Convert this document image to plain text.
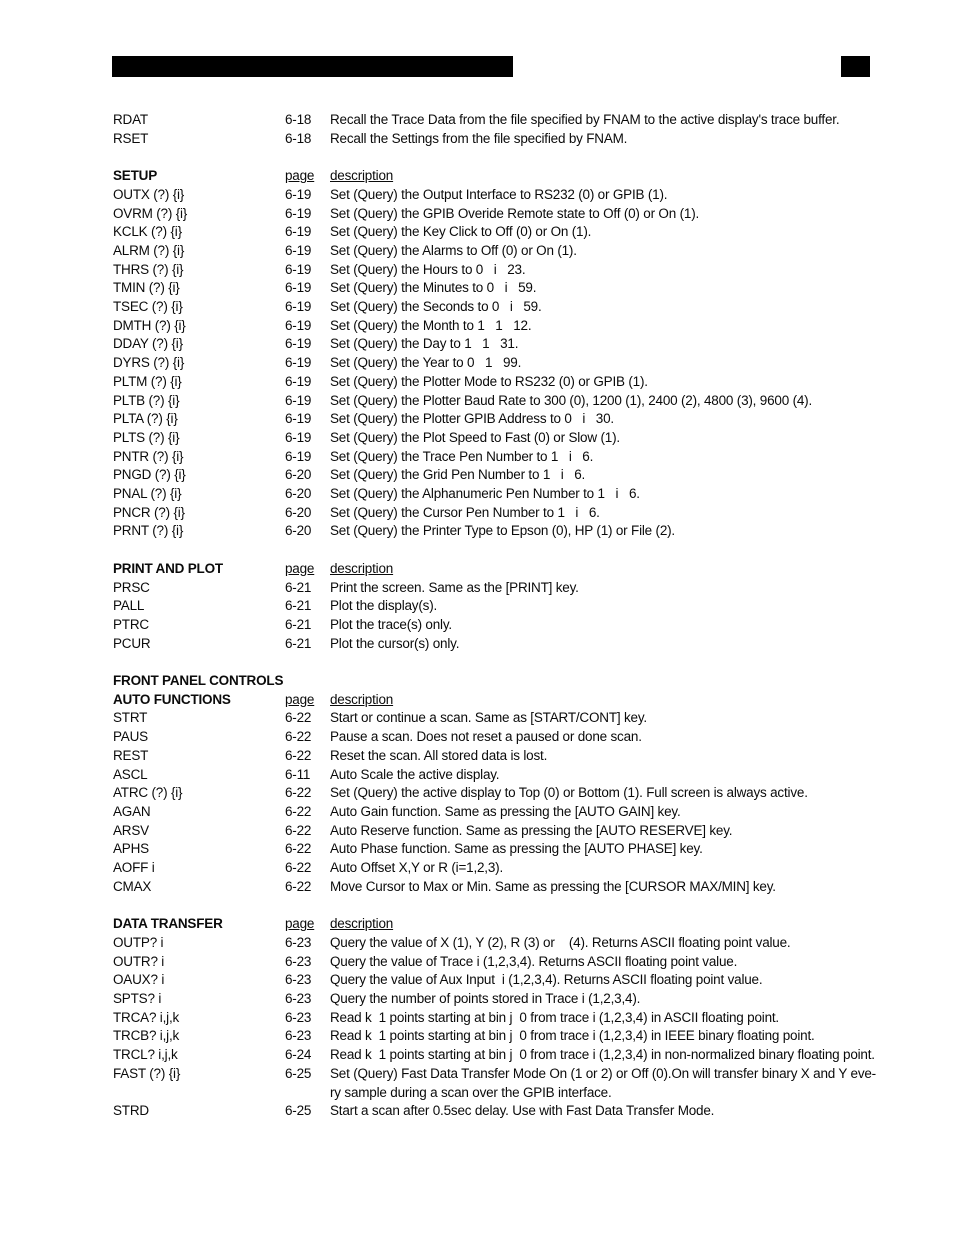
RDAT	6-18	Recall the Trace Data from the file specified by FNAM to the active display's trace buffer.
RSET	6-18	Recall the Settings from the file specified by FNAM.
SETUP	page	description
OUTX (?) {i}	6-19	Set (Query) the Output Interface to RS232 (0) or GPIB (1).
OVRM (?) {i}	6-19	Set (Query) the GPIB Overide Remote state to Off (0) or On (1).
KCLK (?) {i}	6-19	Set (Query) the Key Click to Off (0) or On (1).
ALRM (?) {i}	6-19	Set (Query) the Alarms to Off (0) or On (1).
THRS (?) {i}	6-19	Set (Query) the Hours to 0   i   23.
TMIN (?) {i}	6-19	Set (Query) the Minutes to 0   i   59.
TSEC (?) {i}	6-19	Set (Query) the Seconds to 0   i   59.
DMTH (?) {i}	6-19	Set (Query) the Month to 1   1   12.
DDAY (?) {i}	6-19	Set (Query) the Day to 1   1   31.
DYRS (?) {i}	6-19	Set (Query) the Year to 0   1   99.
PLTM (?) {i}	6-19	Set (Query) the Plotter Mode to RS232 (0) or GPIB (1).
PLTB (?) {i}	6-19	Set (Query) the Plotter Baud Rate to 300 (0), 1200 (1), 2400 (2), 4800 (3), 9600 (4).
PLTA (?) {i}	6-19	Set (Query) the Plotter GPIB Address to 0   i   30.
PLTS (?) {i}	6-19	Set (Query) the Plot Speed to Fast (0) or Slow (1).
PNTR (?) {i}	6-19	Set (Query) the Trace Pen Number to 1   i   6.
PNGD (?) {i}	6-20	Set (Query) the Grid Pen Number to 1   i   6.
PNAL (?) {i}	6-20	Set (Query) the Alphanumeric Pen Number to 1   i   6.
PNCR (?) {i}	6-20	Set (Query) the Cursor Pen Number to 1   i   6.
PRNT (?) {i}	6-20	Set (Query) the Printer Type to Epson (0), HP (1) or File (2).
PRINT AND PLOT	page	description
PRSC	6-21	Print the screen. Same as the [PRINT] key.
PALL	6-21	Plot the display(s).
PTRC	6-21	Plot the trace(s) only.
PCUR	6-21	Plot the cursor(s) only.
FRONT PANEL CONTROLS
AUTO FUNCTIONS	page	description
STRT	6-22	Start or continue a scan. Same as [START/CONT] key.
PAUS	6-22	Pause a scan. Does not reset a paused or done scan.
REST	6-22	Reset the scan. All stored data is lost.
ASCL	6-11	Auto Scale the active display.
ATRC (?) {i}	6-22	Set (Query) the active display to Top (0) or Bottom (1). Full screen is always active.
AGAN	6-22	Auto Gain function. Same as pressing the [AUTO GAIN] key.
ARSV	6-22	Auto Reserve function. Same as pressing the [AUTO RESERVE] key.
APHS	6-22	Auto Phase function. Same as pressing the [AUTO PHASE] key.
AOFF i	6-22	Auto Offset X,Y or R (i=1,2,3).
CMAX	6-22	Move Cursor to Max or Min. Same as pressing the [CURSOR MAX/MIN] key.
DATA TRANSFER	page	description
OUTP? i	6-23	Query the value of X (1), Y (2), R (3) or    (4). Returns ASCII floating point value.
OUTR? i	6-23	Query the value of Trace i (1,2,3,4). Returns ASCII floating point value.
OAUX? i	6-23	Query the value of Aux Input  i (1,2,3,4). Returns ASCII floating point value.
SPTS? i	6-23	Query the number of points stored in Trace i (1,2,3,4).
TRCA? i,j,k	6-23	Read k  1 points starting at bin j  0 from trace i (1,2,3,4) in ASCII floating point.
TRCB? i,j,k	6-23	Read k  1 points starting at bin j  0 from trace i (1,2,3,4) in IEEE binary floating point.
TRCL? i,j,k	6-24	Read k  1 points starting at bin j  0 from trace i (1,2,3,4) in non-normalized binary floating point.
FAST (?) {i}	6-25	Set (Query) Fast Data Transfer Mode On (1 or 2) or Off (0).On will transfer binary X and Y eve-
ry sample during a scan over the GPIB interface.
STRD	6-25	Start a scan after 0.5sec delay. Use with Fast Data Transfer Mode.
